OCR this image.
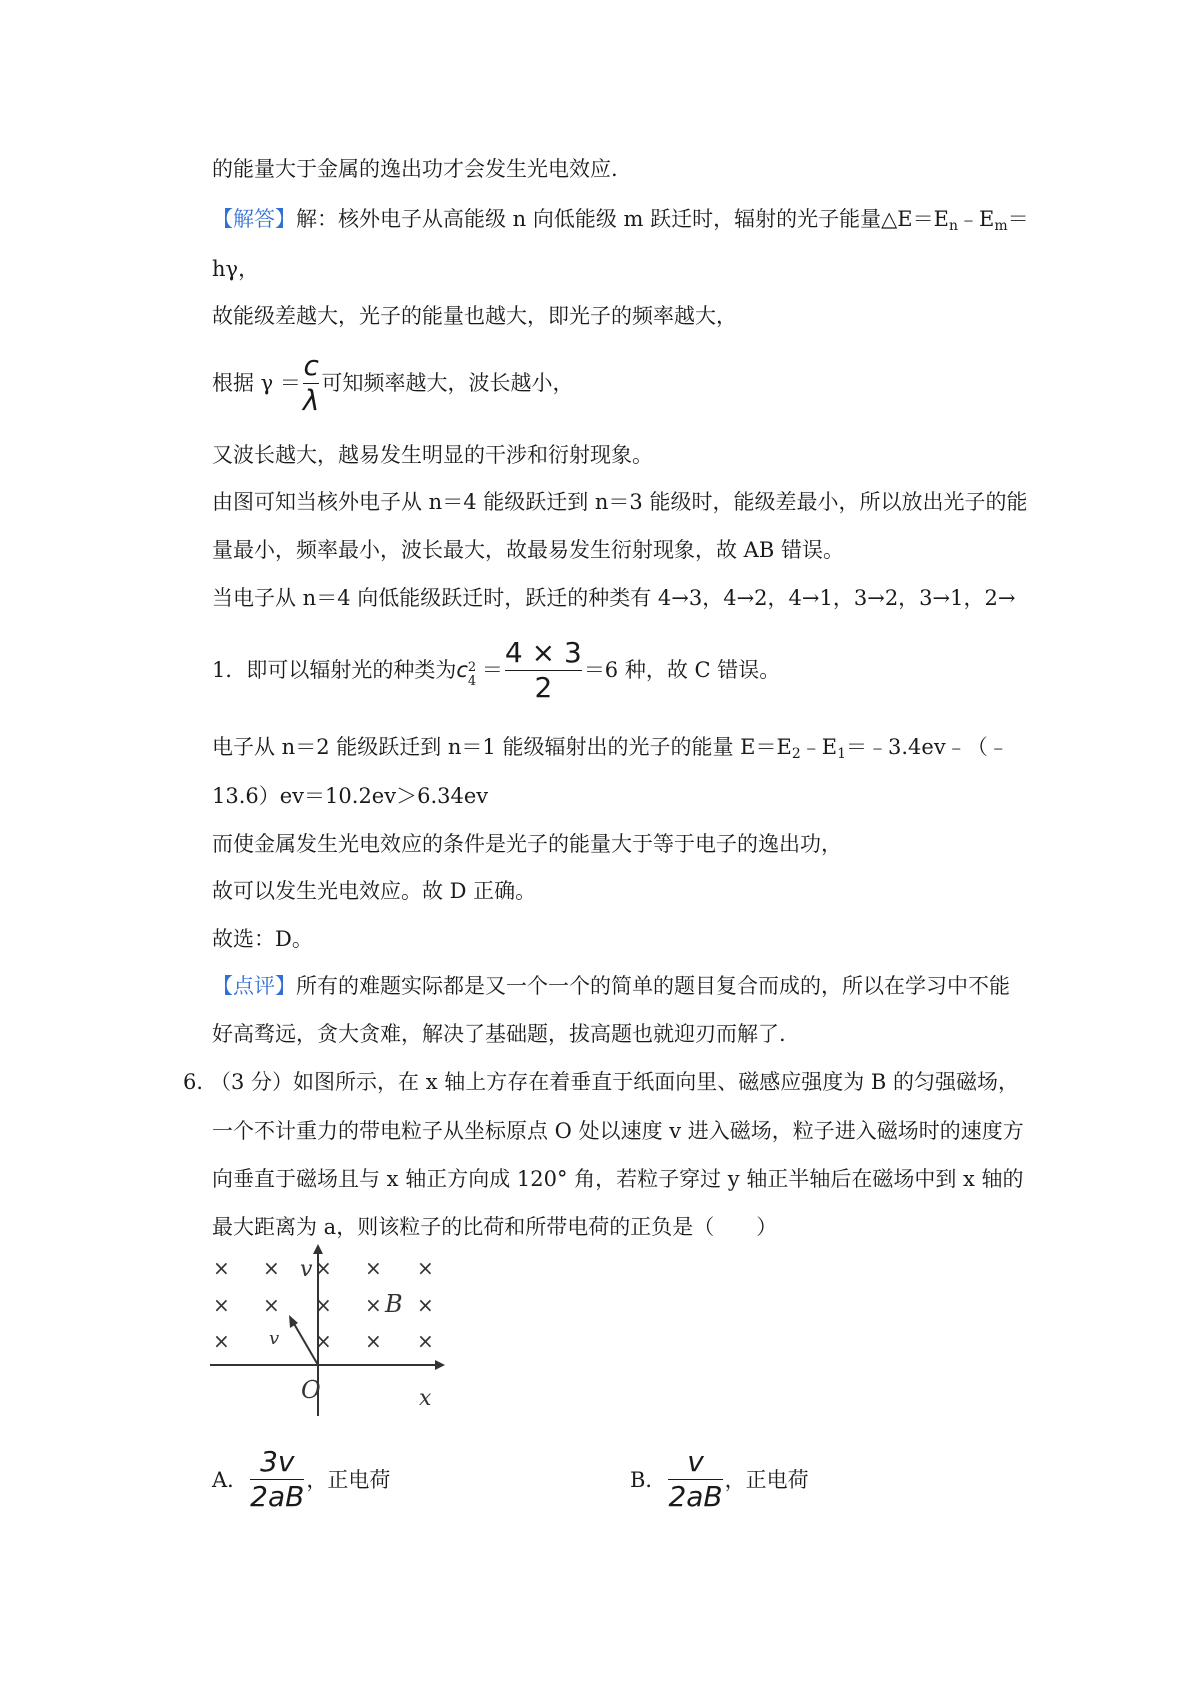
的能量大于金属的逸出功才会发生光电效应.
【解答】解：核外电子从高能级 n 向低能级 m 跃迁时，辐射的光子能量$\triangle E=E_n﹣E_m=$
hγ，
故能级差越大，光子的能量也越大，即光子的频率越大，
根据 $\gamma = \frac{c}{\lambda}$ 可知频率越大，波长越小，
又波长越大，越易发生明显的干涉和衍射现象。
由图可知当核外电子从 n＝4 能级跃迁到 n＝3 能级时，能级差最小，所以放出光子的能
量最小，频率最小，波长最大，故最易发生衍射现象，故 AB 错误。
当电子从 n＝4 向低能级跃迁时，跃迁的种类有 4→3，4→2，4→1，3→2，3→1，2→
1．即可以辐射光的种类为 c 2
$4 = \frac{4 \times 3}{2} =6$ 种，故 C 错误。
电子从 n＝2 能级跃迁到 n＝1 能级辐射出的光子的能量 $E=E_2﹣E_1=﹣3.4ev﹣(﹣$
13.6）ev＝10.2ev＞6.34ev
而使金属发生光电效应的条件是光子的能量大于等于电子的逸出功，
故可以发生光电效应。故 D 正确。
故选：D。
【点评】所有的难题实际都是又一个一个的简单的题目复合而成的，所以在学习中不能
好高骛远，贪大贪难，解决了基础题，拔高题也就迎刃而解了.
6．
（3 分）如图所示，在 x 轴上方存在着垂直于纸面向里、磁感应强度为 B 的匀强磁场，
一个不计重力的带电粒子从坐标原点 O 处以速度 v 进入磁场，粒子进入磁场时的速度方
向垂直于磁场且与 x 轴正方向成 120° 角，若粒子穿过 y 轴正半轴后在磁场中到 x 轴的
最大距离为 a，则该粒子的比荷和所带电荷的正负是（　　）
× × × × ×
× × × × ×
×	× × ×
v
v
B
O	x
A． $\frac{3v}{2aB}$ ，正电荷	B． $\frac{v}{2aB}$ ，正电荷
